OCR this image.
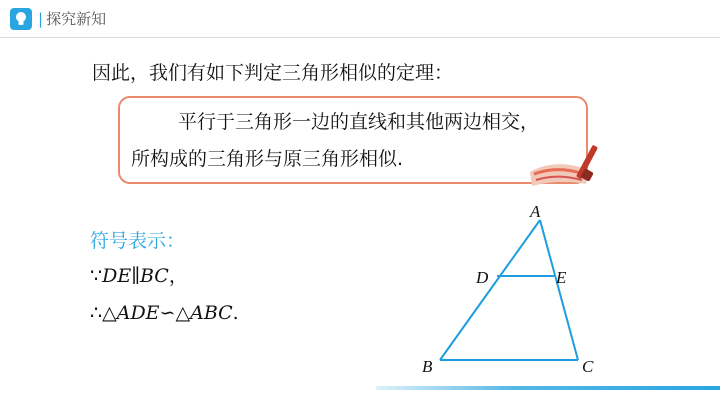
| 探究新知
因此，我们有如下判定三角形相似的定理：
平行于三角形一边的直线和其他两边相交，
所构成的三角形与原三角形相似.
符号表示：
∵DE∥BC，
∴△ADE∽△ABC.
A
D	E
B	C
